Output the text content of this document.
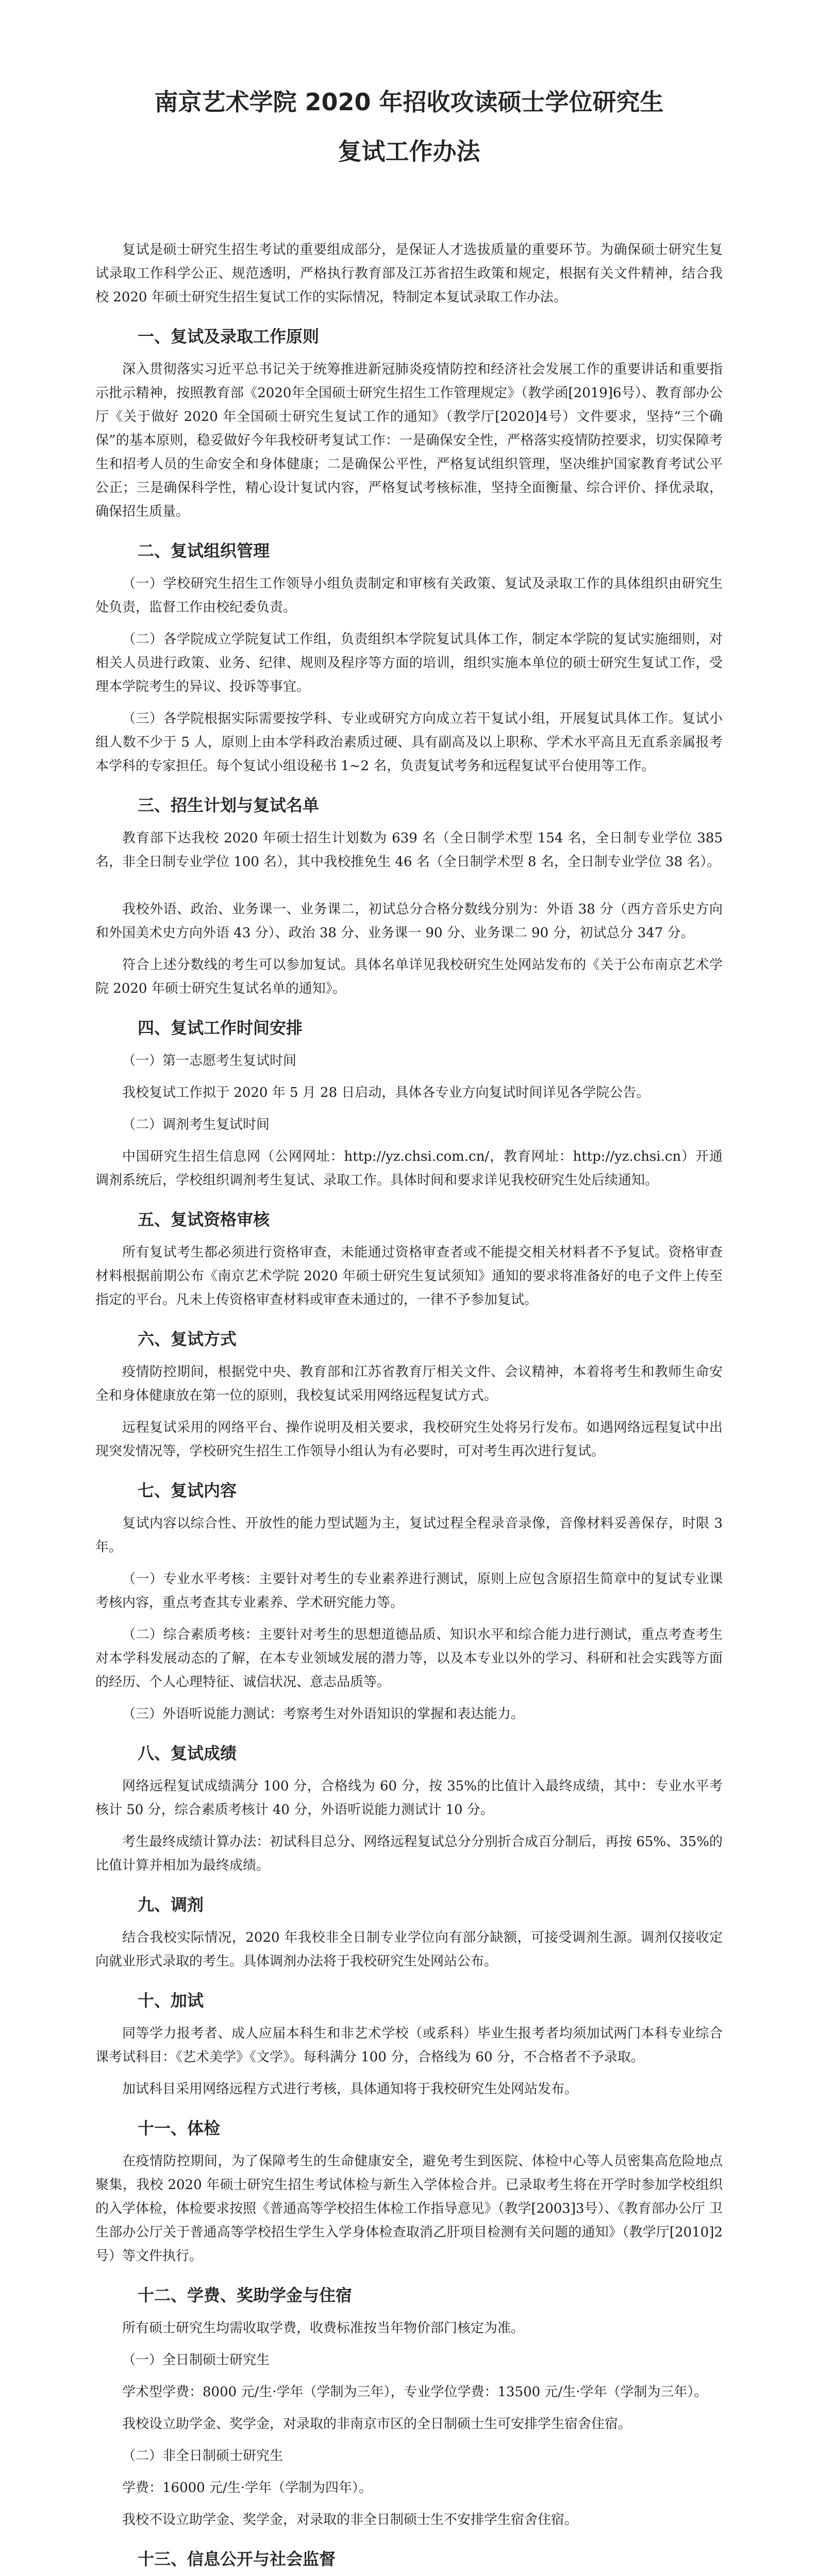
南京艺术学院 2020 年招收攻读硕士学位研究生
复试工作办法

复试是硕士研究生招生考试的重要组成部分，是保证人才选拔质量的重要环节。为确保硕士研究生复试录取工作科学公正、规范透明，严格执行教育部及江苏省招生政策和规定，根据有关文件精神，结合我校 2020 年硕士研究生招生复试工作的实际情况，特制定本复试录取工作办法。

一、复试及录取工作原则

深入贯彻落实习近平总书记关于统筹推进新冠肺炎疫情防控和经济社会发展工作的重要讲话和重要指示批示精神，按照教育部《2020年全国硕士研究生招生工作管理规定》（教学函[2019]6号）、教育部办公厅《关于做好 2020 年全国硕士研究生复试工作的通知》（教学厅[2020]4号）文件要求，坚持“三个确保”的基本原则，稳妥做好今年我校研考复试工作：一是确保安全性，严格落实疫情防控要求，切实保障考生和招考人员的生命安全和身体健康；二是确保公平性，严格复试组织管理，坚决维护国家教育考试公平公正；三是确保科学性，精心设计复试内容，严格复试考核标准，坚持全面衡量、综合评价、择优录取，确保招生质量。

二、复试组织管理

（一）学校研究生招生工作领导小组负责制定和审核有关政策、复试及录取工作的具体组织由研究生处负责，监督工作由校纪委负责。

（二）各学院成立学院复试工作组，负责组织本学院复试具体工作，制定本学院的复试实施细则，对相关人员进行政策、业务、纪律、规则及程序等方面的培训，组织实施本单位的硕士研究生复试工作，受理本学院考生的异议、投诉等事宜。

（三）各学院根据实际需要按学科、专业或研究方向成立若干复试小组，开展复试具体工作。复试小组人数不少于 5 人，原则上由本学科政治素质过硬、具有副高及以上职称、学术水平高且无直系亲属报考本学科的专家担任。每个复试小组设秘书 1~2 名，负责复试考务和远程复试平台使用等工作。

三、招生计划与复试名单

教育部下达我校 2020 年硕士招生计划数为 639 名（全日制学术型 154 名，全日制专业学位 385 名，非全日制专业学位 100 名），其中我校推免生 46 名（全日制学术型 8 名，全日制专业学位 38 名）。

我校外语、政治、业务课一、业务课二，初试总分合格分数线分别为：外语 38 分（西方音乐史方向和外国美术史方向外语 43 分）、政治 38 分、业务课一 90 分、业务课二 90 分，初试总分 347 分。

符合上述分数线的考生可以参加复试。具体名单详见我校研究生处网站发布的《关于公布南京艺术学院 2020 年硕士研究生复试名单的通知》。

四、复试工作时间安排

（一）第一志愿考生复试时间

我校复试工作拟于 2020 年 5 月 28 日启动，具体各专业方向复试时间详见各学院公告。

（二）调剂考生复试时间

中国研究生招生信息网（公网网址：http://yz.chsi.com.cn/，教育网址：http://yz.chsi.cn）开通调剂系统后，学校组织调剂考生复试、录取工作。具体时间和要求详见我校研究生处后续通知。

五、复试资格审核

所有复试考生都必须进行资格审查，未能通过资格审查者或不能提交相关材料者不予复试。资格审查材料根据前期公布《南京艺术学院 2020 年硕士研究生复试须知》通知的要求将准备好的电子文件上传至指定的平台。凡未上传资格审查材料或审查未通过的，一律不予参加复试。

六、复试方式

疫情防控期间，根据党中央、教育部和江苏省教育厅相关文件、会议精神，本着将考生和教师生命安全和身体健康放在第一位的原则，我校复试采用网络远程复试方式。

远程复试采用的网络平台、操作说明及相关要求，我校研究生处将另行发布。如遇网络远程复试中出现突发情况等，学校研究生招生工作领导小组认为有必要时，可对考生再次进行复试。

七、复试内容

复试内容以综合性、开放性的能力型试题为主，复试过程全程录音录像，音像材料妥善保存，时限 3 年。

（一）专业水平考核：主要针对考生的专业素养进行测试，原则上应包含原招生简章中的复试专业课考核内容，重点考查其专业素养、学术研究能力等。

（二）综合素质考核：主要针对考生的思想道德品质、知识水平和综合能力进行测试，重点考查考生对本学科发展动态的了解，在本专业领域发展的潜力等，以及本专业以外的学习、科研和社会实践等方面的经历、个人心理特征、诚信状况、意志品质等。

（三）外语听说能力测试：考察考生对外语知识的掌握和表达能力。

八、复试成绩

网络远程复试成绩满分 100 分，合格线为 60 分，按 35%的比值计入最终成绩，其中：专业水平考核计 50 分，综合素质考核计 40 分，外语听说能力测试计 10 分。

考生最终成绩计算办法：初试科目总分、网络远程复试总分分别折合成百分制后，再按 65%、35%的比值计算并相加为最终成绩。

九、调剂

结合我校实际情况，2020 年我校非全日制专业学位向有部分缺额，可接受调剂生源。调剂仅接收定向就业形式录取的考生。具体调剂办法将于我校研究生处网站公布。

十、加试

同等学力报考者、成人应届本科生和非艺术学校（或系科）毕业生报考者均须加试两门本科专业综合课考试科目：《艺术美学》《文学》。每科满分 100 分，合格线为 60 分，不合格者不予录取。

加试科目采用网络远程方式进行考核，具体通知将于我校研究生处网站发布。

十一、体检

在疫情防控期间，为了保障考生的生命健康安全，避免考生到医院、体检中心等人员密集高危险地点聚集，我校 2020 年硕士研究生招生考试体检与新生入学体检合并。已录取考生将在开学时参加学校组织的入学体检，体检要求按照《普通高等学校招生体检工作指导意见》（教学[2003]3号）、《教育部办公厅 卫生部办公厅关于普通高等学校招生学生入学身体检查取消乙肝项目检测有关问题的通知》（教学厅[2010]2号）等文件执行。

十二、学费、奖助学金与住宿

所有硕士研究生均需收取学费，收费标准按当年物价部门核定为准。

（一）全日制硕士研究生

学术型学费：8000 元/生·学年（学制为三年），专业学位学费：13500 元/生·学年（学制为三年）。

我校设立助学金、奖学金，对录取的非南京市区的全日制硕士生可安排学生宿舍住宿。

（二）非全日制硕士研究生

学费：16000 元/生·学年（学制为四年）。

我校不设立助学金、奖学金，对录取的非全日制硕士生不安排学生宿舍住宿。

十三、信息公开与社会监督
